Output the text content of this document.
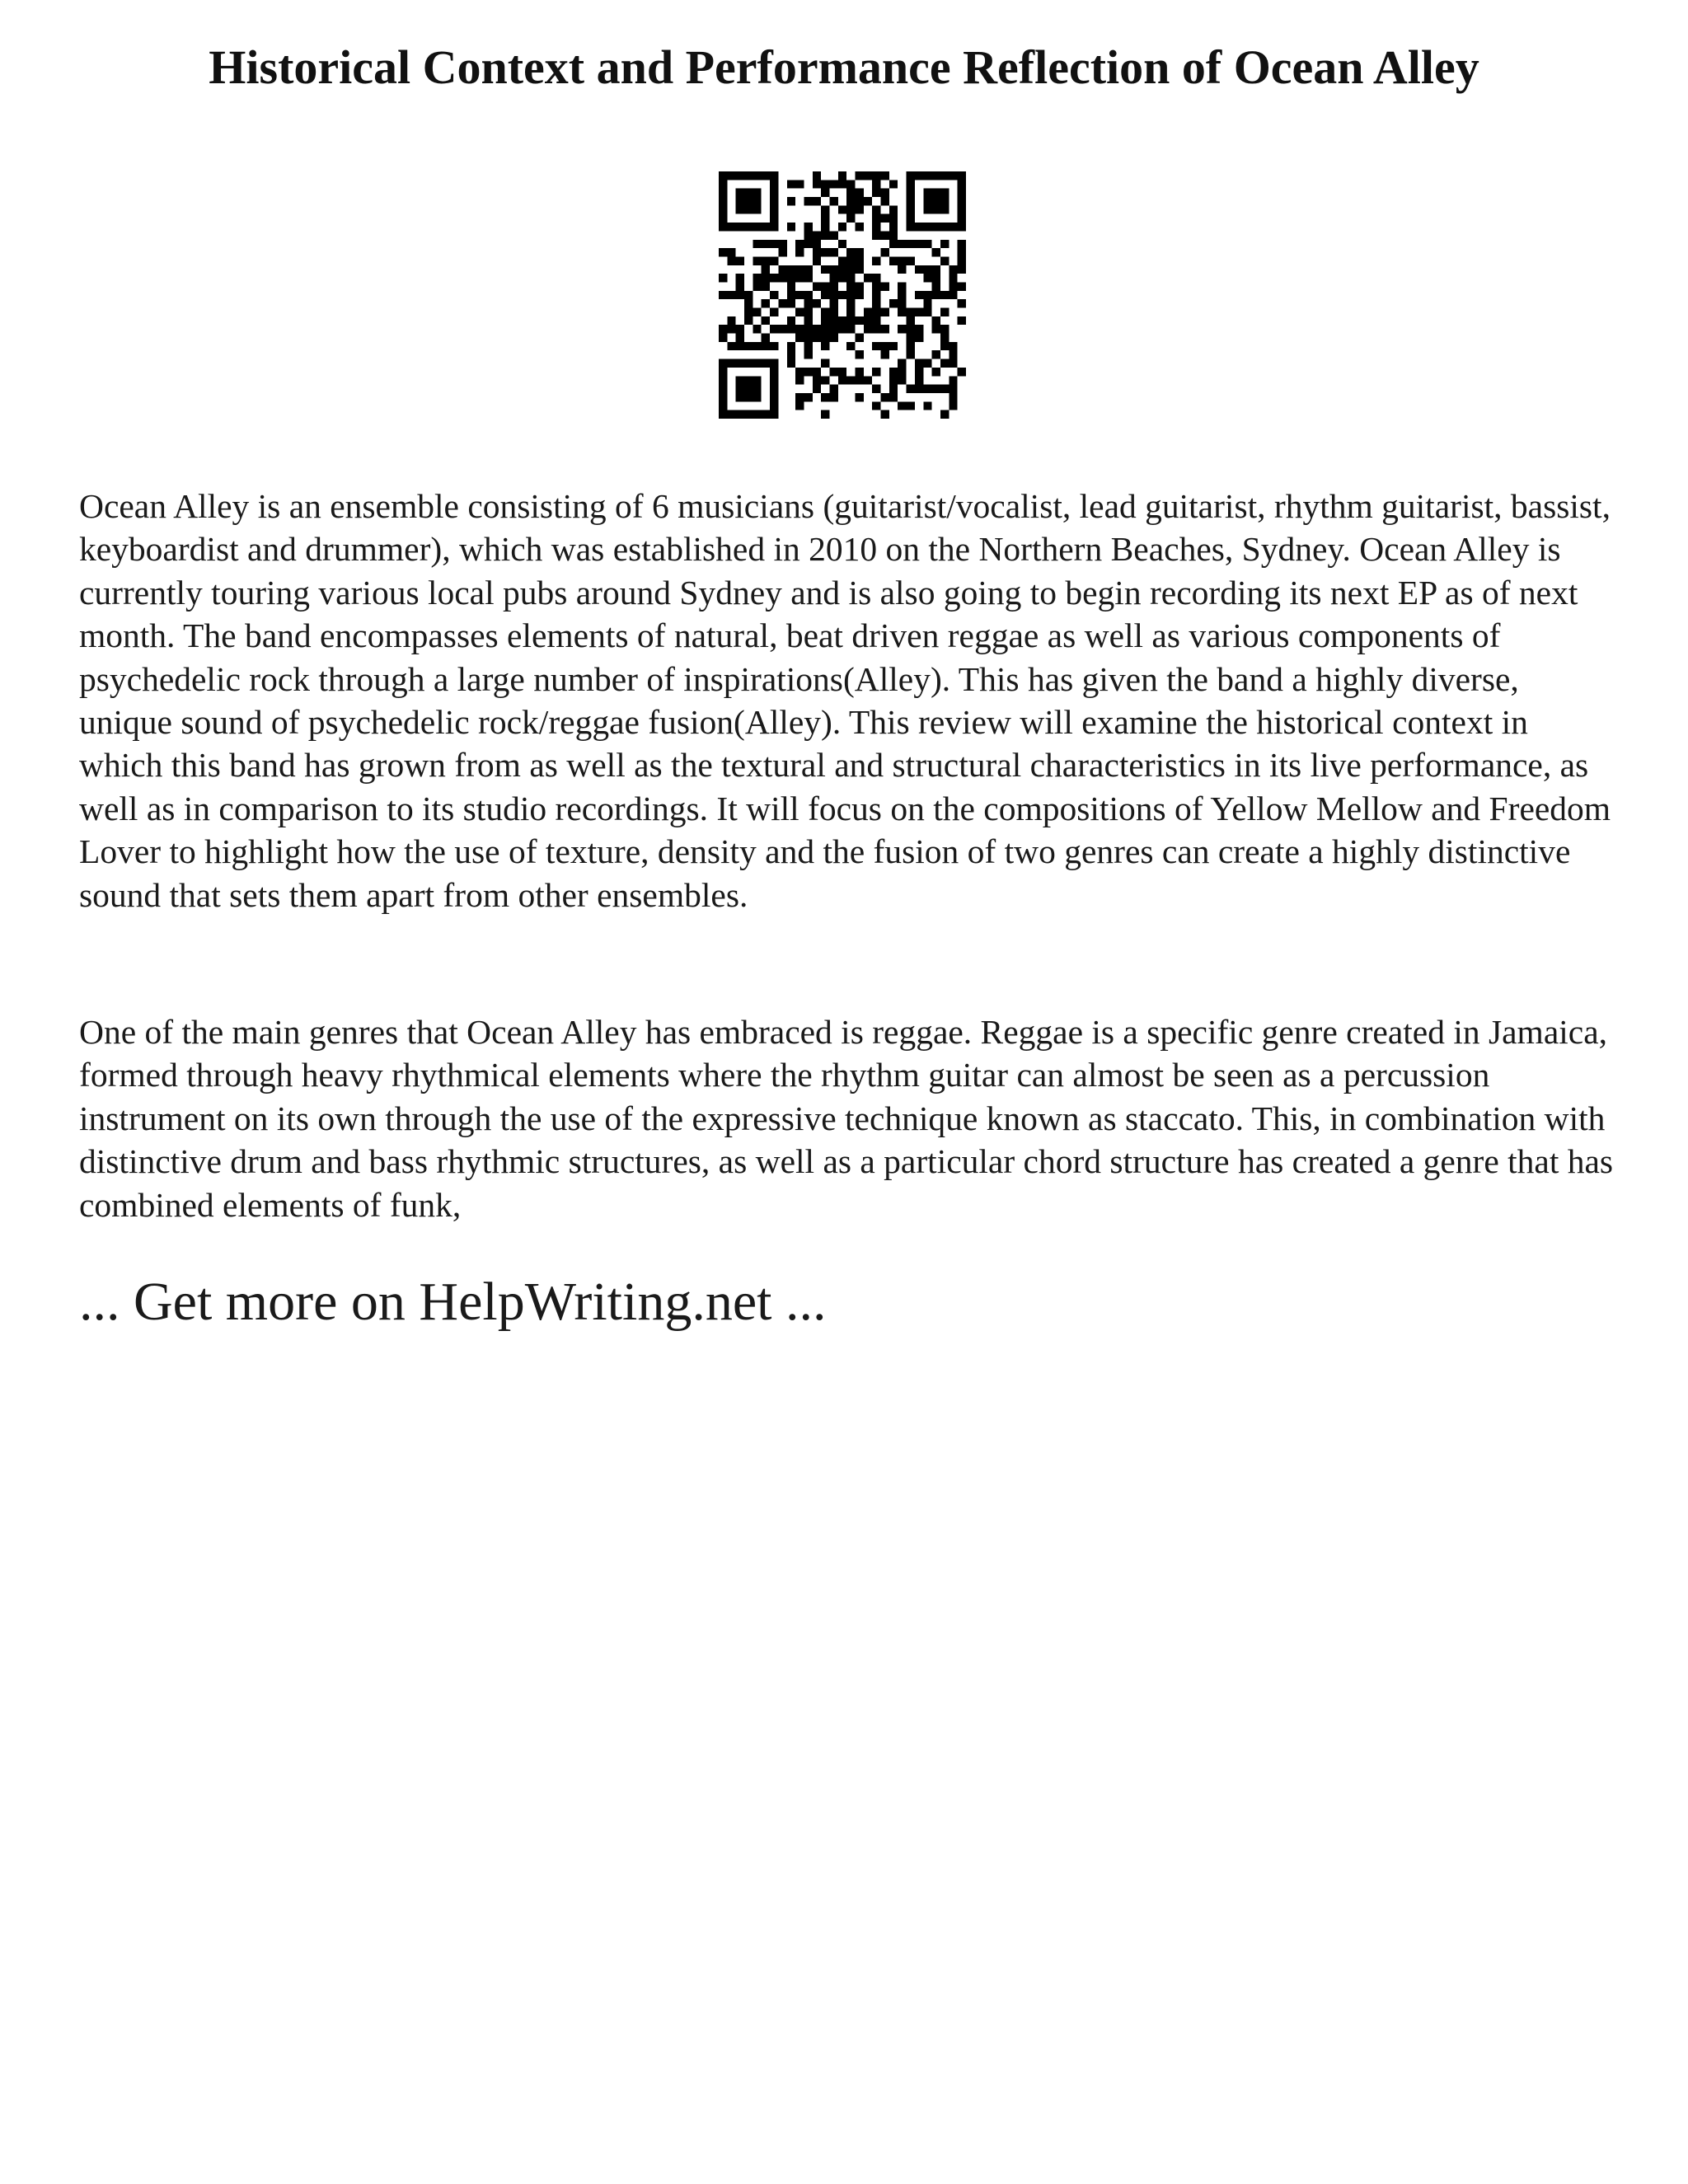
Historical Context and Performance Reflection of Ocean Alley

Ocean Alley is an ensemble consisting of 6 musicians (guitarist/vocalist, lead guitarist, rhythm guitarist, bassist, keyboardist and drummer), which was established in 2010 on the Northern Beaches, Sydney. Ocean Alley is currently touring various local pubs around Sydney and is also going to begin recording its next EP as of next month. The band encompasses elements of natural, beat driven reggae as well as various components of psychedelic rock through a large number of inspirations(Alley). This has given the band a highly diverse, unique sound of psychedelic rock/reggae fusion(Alley). This review will examine the historical context in which this band has grown from as well as the textural and structural characteristics in its live performance, as well as in comparison to its studio recordings. It will focus on the compositions of Yellow Mellow and Freedom Lover to highlight how the use of texture, density and the fusion of two genres can create a highly distinctive sound that sets them apart from other ensembles.

One of the main genres that Ocean Alley has embraced is reggae. Reggae is a specific genre created in Jamaica, formed through heavy rhythmical elements where the rhythm guitar can almost be seen as a percussion instrument on its own through the use of the expressive technique known as staccato. This, in combination with distinctive drum and bass rhythmic structures, as well as a particular chord structure has created a genre that has combined elements of funk,

... Get more on HelpWriting.net ...
